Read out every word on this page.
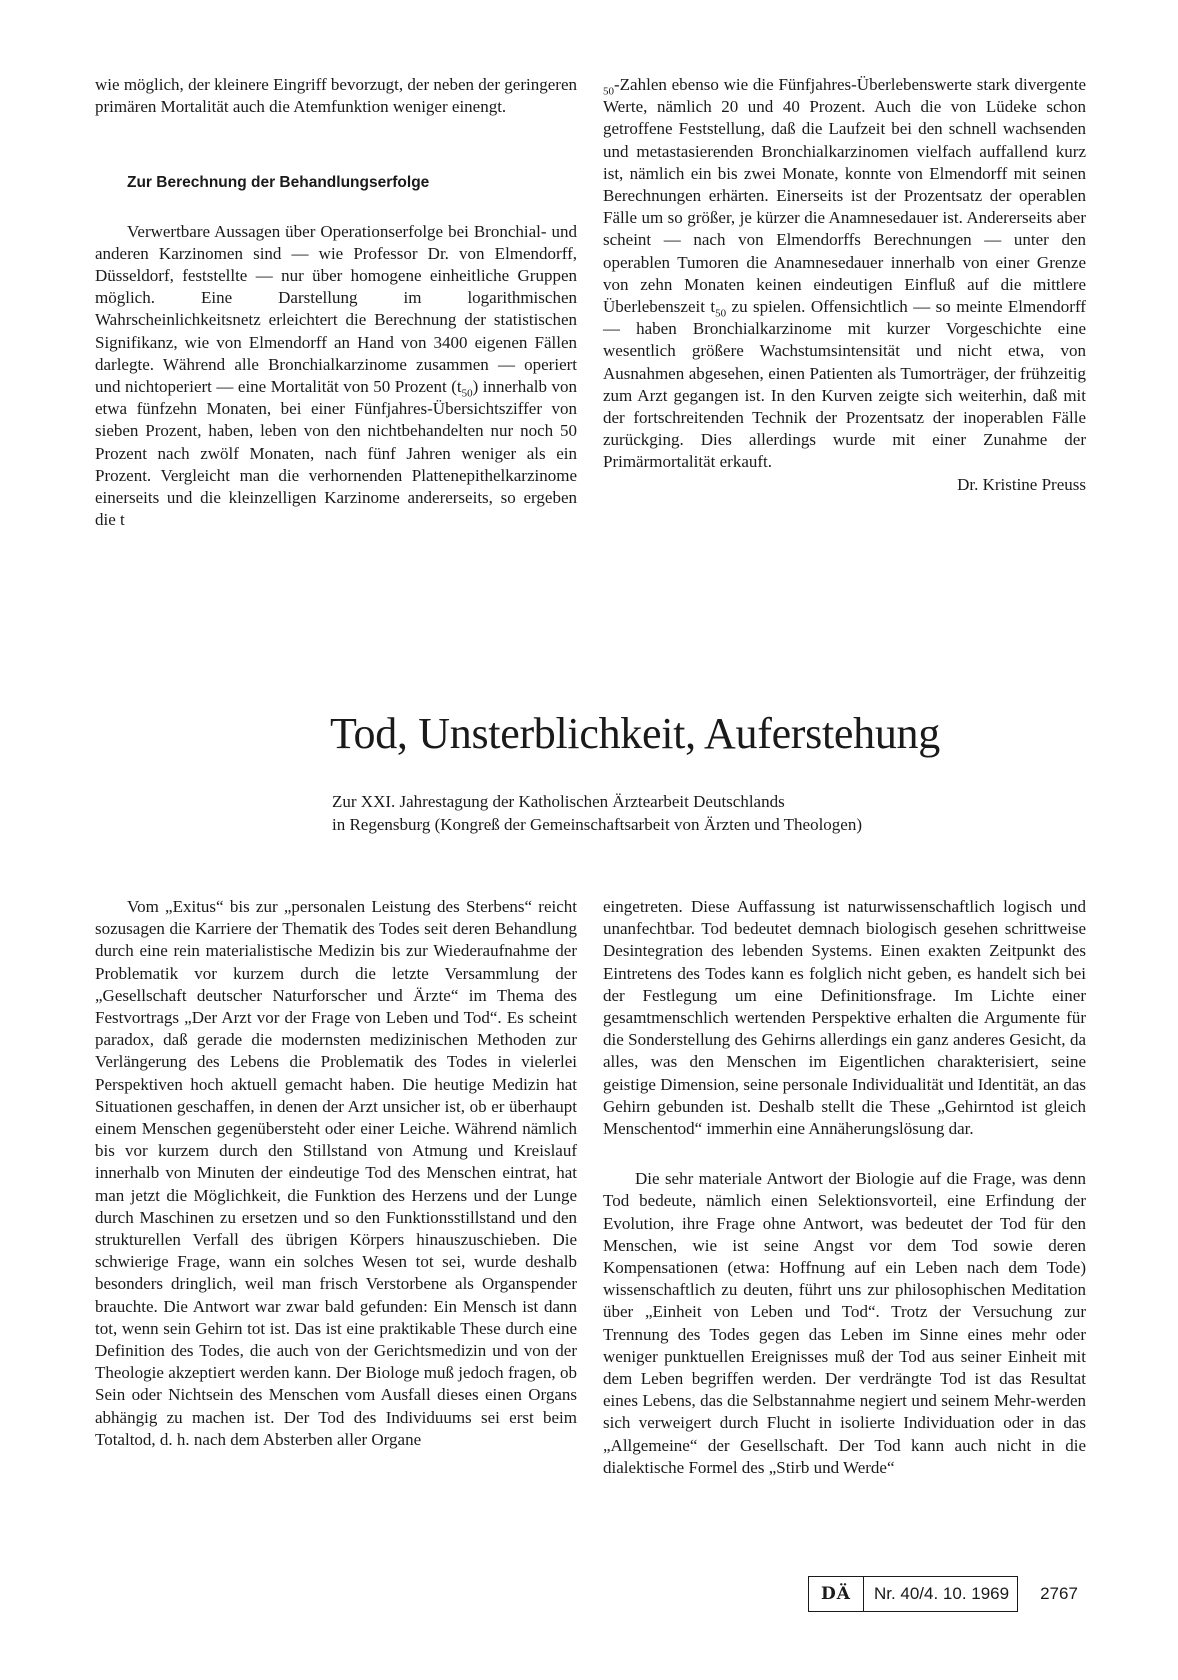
wie möglich, der kleinere Eingriff bevorzugt, der neben der geringeren primären Mortalität auch die Atemfunktion weniger einengt.

Zur Berechnung der Behandlungserfolge

Verwertbare Aussagen über Operationserfolge bei Bronchial- und anderen Karzinomen sind — wie Professor Dr. von Elmendorff, Düsseldorf, feststellte — nur über homogene einheitliche Gruppen möglich. Eine Darstellung im logarithmischen Wahrscheinlichkeitsnetz erleichtert die Berechnung der statistischen Signifikanz, wie von Elmendorff an Hand von 3400 eigenen Fällen darlegte. Während alle Bronchialkarzinome zusammen — operiert und nichtoperiert — eine Mortalität von 50 Prozent $(t_{50})$ innerhalb von etwa fünfzehn Monaten, bei einer Fünfjahres-Übersichtsziffer von sieben Prozent, haben, leben von den nichtbehandelten nur noch 50 Prozent nach zwölf Monaten, nach fünf Jahren weniger als ein Prozent. Vergleicht man die verhornenden Plattenepithelkarzinome einerseits und die kleinzelligen Karzinome andererseits, so ergeben die t

$_{50}$-Zahlen ebenso wie die Fünfjahres-Überlebenswerte stark divergente Werte, nämlich 20 und 40 Prozent. Auch die von Lüdeke schon getroffene Feststellung, daß die Laufzeit bei den schnell wachsenden und metastasierenden Bronchialkarzinomen vielfach auffallend kurz ist, nämlich ein bis zwei Monate, konnte von Elmendorff mit seinen Berechnungen erhärten. Einerseits ist der Prozentsatz der operablen Fälle um so größer, je kürzer die Anamnesedauer ist. Andererseits aber scheint — nach von Elmendorffs Berechnungen — unter den operablen Tumoren die Anamnesedauer innerhalb von einer Grenze von zehn Monaten keinen eindeutigen Einfluß auf die mittlere Überlebenszeit $t_{50}$ zu spielen. Offensichtlich — so meinte Elmendorff — haben Bronchialkarzinome mit kurzer Vorgeschichte eine wesentlich größere Wachstumsintensität und nicht etwa, von Ausnahmen abgesehen, einen Patienten als Tumorträger, der frühzeitig zum Arzt gegangen ist. In den Kurven zeigte sich weiterhin, daß mit der fortschreitenden Technik der Prozentsatz der inoperablen Fälle zurückging. Dies allerdings wurde mit einer Zunahme der Primärmortalität erkauft.

Dr. Kristine Preuss

Tod, Unsterblichkeit, Auferstehung
Zur XXI. Jahrestagung der Katholischen Ärztearbeit Deutschlands
in Regensburg (Kongreß der Gemeinschaftsarbeit von Ärzten und Theologen)

Vom „Exitus“ bis zur „personalen Leistung des Sterbens“ reicht sozusagen die Karriere der Thematik des Todes seit deren Behandlung durch eine rein materialistische Medizin bis zur Wiederaufnahme der Problematik vor kurzem durch die letzte Versammlung der „Gesellschaft deutscher Naturforscher und Ärzte“ im Thema des Festvortrags „Der Arzt vor der Frage von Leben und Tod“. Es scheint paradox, daß gerade die modernsten medizinischen Methoden zur Verlängerung des Lebens die Problematik des Todes in vielerlei Perspektiven hoch aktuell gemacht haben. Die heutige Medizin hat Situationen geschaffen, in denen der Arzt unsicher ist, ob er überhaupt einem Menschen gegenübersteht oder einer Leiche. Während nämlich bis vor kurzem durch den Stillstand von Atmung und Kreislauf innerhalb von Minuten der eindeutige Tod des Menschen eintrat, hat man jetzt die Möglichkeit, die Funktion des Herzens und der Lunge durch Maschinen zu ersetzen und so den Funktionsstillstand und den strukturellen Verfall des übrigen Körpers hinauszuschieben. Die schwierige Frage, wann ein solches Wesen tot sei, wurde deshalb besonders dringlich, weil man frisch Verstorbene als Organspender brauchte. Die Antwort war zwar bald gefunden: Ein Mensch ist dann tot, wenn sein Gehirn tot ist. Das ist eine praktikable These durch eine Definition des Todes, die auch von der Gerichtsmedizin und von der Theologie akzeptiert werden kann. Der Biologe muß jedoch fragen, ob Sein oder Nichtsein des Menschen vom Ausfall dieses einen Organs abhängig zu machen ist. Der Tod des Individuums sei erst beim Totaltod, d. h. nach dem Absterben aller Organe

eingetreten. Diese Auffassung ist naturwissenschaftlich logisch und unanfechtbar. Tod bedeutet demnach biologisch gesehen schrittweise Desintegration des lebenden Systems. Einen exakten Zeitpunkt des Eintretens des Todes kann es folglich nicht geben, es handelt sich bei der Festlegung um eine Definitionsfrage. Im Lichte einer gesamtmenschlich wertenden Perspektive erhalten die Argumente für die Sonderstellung des Gehirns allerdings ein ganz anderes Gesicht, da alles, was den Menschen im Eigentlichen charakterisiert, seine geistige Dimension, seine personale Individualität und Identität, an das Gehirn gebunden ist. Deshalb stellt die These „Gehirntod ist gleich Menschentod“ immerhin eine Annäherungslösung dar.

Die sehr materiale Antwort der Biologie auf die Frage, was denn Tod bedeute, nämlich einen Selektionsvorteil, eine Erfindung der Evolution, ihre Frage ohne Antwort, was bedeutet der Tod für den Menschen, wie ist seine Angst vor dem Tod sowie deren Kompensationen (etwa: Hoffnung auf ein Leben nach dem Tode) wissenschaftlich zu deuten, führt uns zur philosophischen Meditation über „Einheit von Leben und Tod“. Trotz der Versuchung zur Trennung des Todes gegen das Leben im Sinne eines mehr oder weniger punktuellen Ereignisses muß der Tod aus seiner Einheit mit dem Leben begriffen werden. Der verdrängte Tod ist das Resultat eines Lebens, das die Selbstannahme negiert und seinem Mehr-werden sich verweigert durch Flucht in isolierte Individuation oder in das „Allgemeine“ der Gesellschaft. Der Tod kann auch nicht in die dialektische Formel des „Stirb und Werde“

DÄ	Nr. 40/4. 10. 1969	2767
